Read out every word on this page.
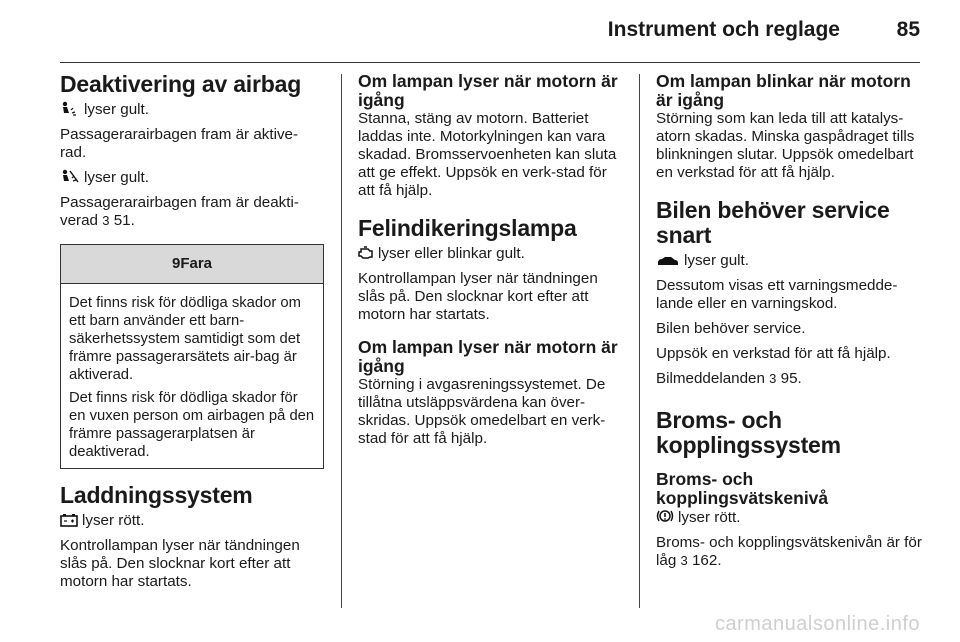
Instrument och reglage	85
Deaktivering av airbag

lyser gult.

Passagerarairbagen fram är aktive-rad.

lyser gult.

Passagerarairbagen fram är deakti-verad 3 51.

9Fara

Det finns risk för dödliga skador om ett barn använder ett barn-säkerhetssystem samtidigt som det främre passagerarsätets air-bag är aktiverad.

Det finns risk för dödliga skador för en vuxen person om airbagen på den främre passagerarplatsen är deaktiverad.

Laddningssystem

lyser rött.

Kontrollampan lyser när tändningen slås på. Den slocknar kort efter att motorn har startats.

Om lampan lyser när motorn är igång

Stanna, stäng av motorn. Batteriet laddas inte. Motorkylningen kan vara skadad. Bromsservoenheten kan sluta att ge effekt. Uppsök en verk-stad för att få hjälp.

Felindikeringslampa

lyser eller blinkar gult.

Kontrollampan lyser när tändningen slås på. Den slocknar kort efter att motorn har startats.

Om lampan lyser när motorn är igång

Störning i avgasreningssystemet. De tillåtna utsläppsvärdena kan över-skridas. Uppsök omedelbart en verk-stad för att få hjälp.

Om lampan blinkar när motorn är igång

Störning som kan leda till att katalys-atorn skadas. Minska gaspådraget tills blinkningen slutar. Uppsök omedelbart en verkstad för att få hjälp.

Bilen behöver service snart

lyser gult.

Dessutom visas ett varningsmedde-lande eller en varningskod.

Bilen behöver service.

Uppsök en verkstad för att få hjälp.

Bilmeddelanden 3 95.

Broms- och kopplingssystem
Broms- och kopplingsvätskenivå

lyser rött.

Broms- och kopplingsvätskenivån är för låg 3 162.

carmanualsonline.info
